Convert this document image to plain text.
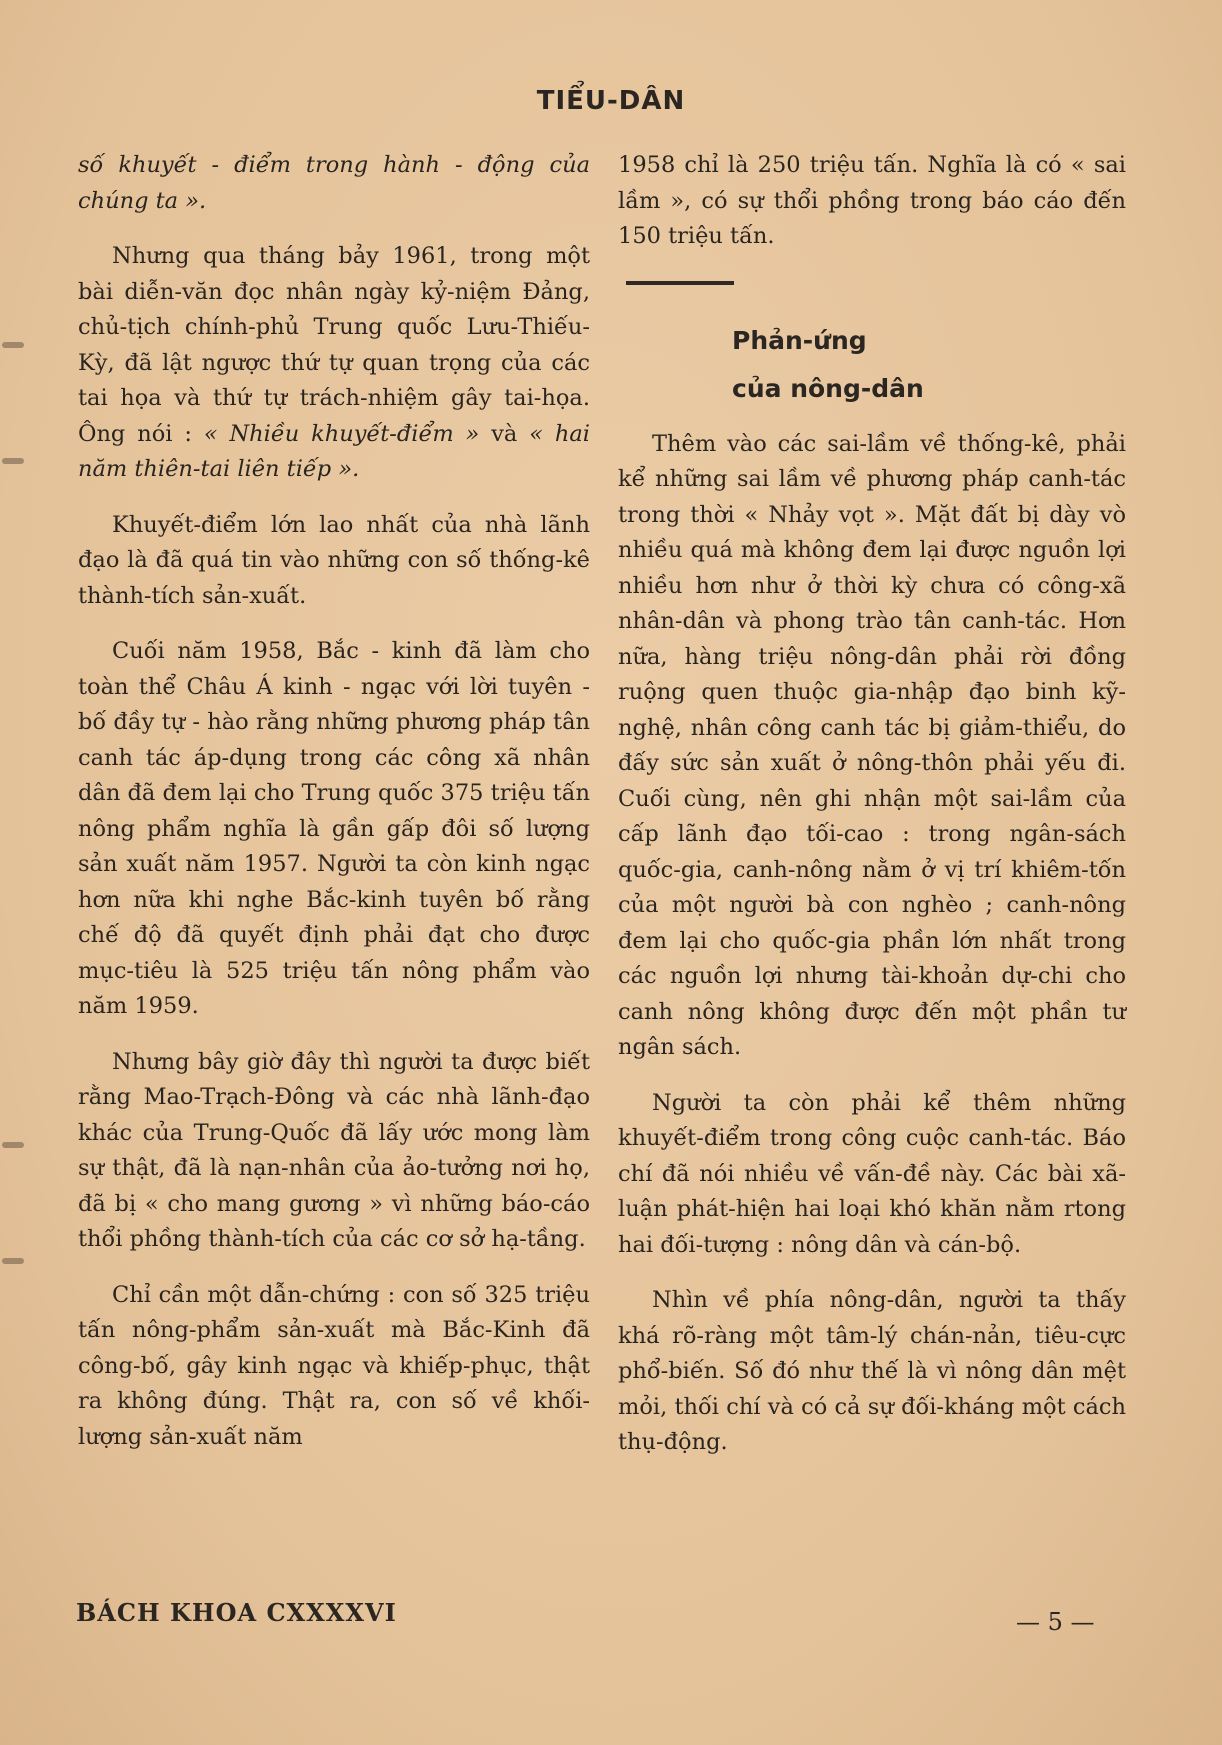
TIỂU-DÂN

số khuyết - điểm trong hành - động của chúng ta ».

Nhưng qua tháng bảy 1961, trong một bài diễn-văn đọc nhân ngày kỷ-niệm Đảng, chủ-tịch chính-phủ Trung quốc Lưu-Thiếu-Kỳ, đã lật ngược thứ tự quan trọng của các tai họa và thứ tự trách-nhiệm gây tai-họa. Ông nói : « Nhiều khuyết-điểm » và « hai năm thiên-tai liên tiếp ».

Khuyết-điểm lớn lao nhất của nhà lãnh đạo là đã quá tin vào những con số thống-kê thành-tích sản-xuất.

Cuối năm 1958, Bắc - kinh đã làm cho toàn thể Châu Á kinh - ngạc với lời tuyên - bố đầy tự - hào rằng những phương pháp tân canh tác áp-dụng trong các công xã nhân dân đã đem lại cho Trung quốc 375 triệu tấn nông phẩm nghĩa là gần gấp đôi số lượng sản xuất năm 1957. Người ta còn kinh ngạc hơn nữa khi nghe Bắc-kinh tuyên bố rằng chế độ đã quyết định phải đạt cho được mục-tiêu là 525 triệu tấn nông phẩm vào năm 1959.

Nhưng bây giờ đây thì người ta được biết rằng Mao-Trạch-Đông và các nhà lãnh-đạo khác của Trung-Quốc đã lấy ước mong làm sự thật, đã là nạn-nhân của ảo-tưởng nơi họ, đã bị « cho mang gương » vì những báo-cáo thổi phồng thành-tích của các cơ sở hạ-tầng.

Chỉ cần một dẫn-chứng : con số 325 triệu tấn nông-phẩm sản-xuất mà Bắc-Kinh đã công-bố, gây kinh ngạc và khiếp-phục, thật ra không đúng. Thật ra, con số về khối-lượng sản-xuất năm

1958 chỉ là 250 triệu tấn. Nghĩa là có « sai lầm », có sự thổi phồng trong báo cáo đến 150 triệu tấn.

Phản-ứng
của nông-dân

Thêm vào các sai-lầm về thống-kê, phải kể những sai lầm về phương pháp canh-tác trong thời « Nhảy vọt ». Mặt đất bị dày vò nhiều quá mà không đem lại được nguồn lợi nhiều hơn như ở thời kỳ chưa có công-xã nhân-dân và phong trào tân canh-tác. Hơn nữa, hàng triệu nông-dân phải rời đồng ruộng quen thuộc gia-nhập đạo binh kỹ-nghệ, nhân công canh tác bị giảm-thiểu, do đấy sức sản xuất ở nông-thôn phải yếu đi. Cuối cùng, nên ghi nhận một sai-lầm của cấp lãnh đạo tối-cao : trong ngân-sách quốc-gia, canh-nông nằm ở vị trí khiêm-tốn của một người bà con nghèo ; canh-nông đem lại cho quốc-gia phần lớn nhất trong các nguồn lợi nhưng tài-khoản dự-chi cho canh nông không được đến một phần tư ngân sách.

Người ta còn phải kể thêm những khuyết-điểm trong công cuộc canh-tác. Báo chí đã nói nhiều về vấn-đề này. Các bài xã-luận phát-hiện hai loại khó khăn nằm rtong hai đối-tượng : nông dân và cán-bộ.

Nhìn về phía nông-dân, người ta thấy khá rõ-ràng một tâm-lý chán-nản, tiêu-cực phổ-biến. Số đó như thế là vì nông dân mệt mỏi, thối chí và có cả sự đối-kháng một cách thụ-động.

BÁCH KHOA CXXXXVI	— 5 —
